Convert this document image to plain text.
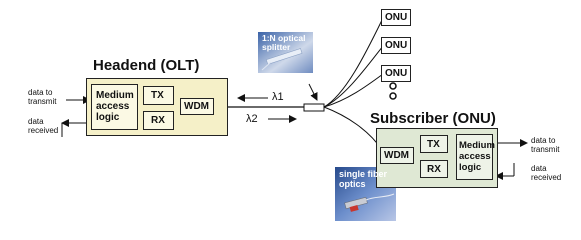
Headend (OLT)
data to
transmit
data
received
Medium
access
logic
TX
RX
WDM
λ1
λ2
1:N optical
splitter
ONU
ONU
ONU
Subscriber (ONU)
WDM
TX
RX
Medium
access
logic
data to
transmit
data
received
single fiber
optics
